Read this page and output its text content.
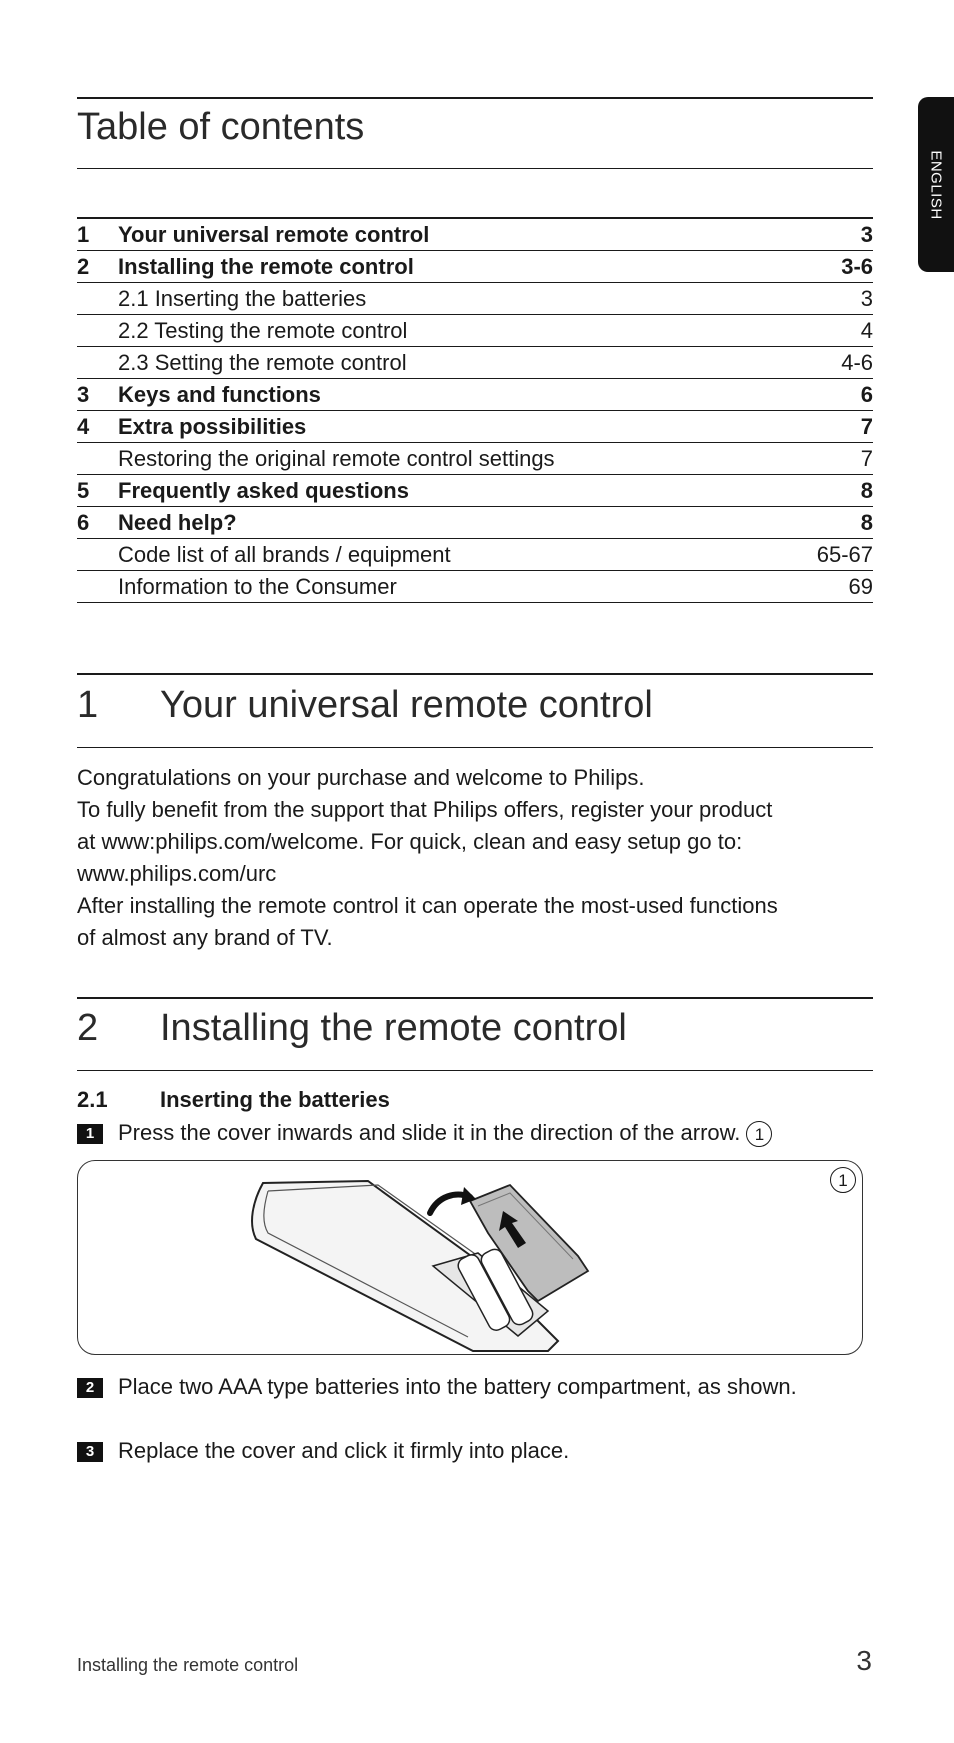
ENGLISH
Table of contents
1 Your universal remote control	3
2 Installing the remote control	3-6
2.1 Inserting the batteries	3
2.2 Testing the remote control	4
2.3 Setting the remote control	4-6
3 Keys and functions	6
4 Extra possibilities	7
Restoring the original remote control settings	7
5 Frequently asked questions	8
6 Need help?	8
Code list of all brands / equipment	65-67
Information to the Consumer	69
1 Your universal remote control

Congratulations on your purchase and welcome to Philips.

To fully benefit from the support that Philips offers, register your product

at www:philips.com/welcome. For quick, clean and easy setup go to:

www.philips.com/urc

After installing the remote control it can operate the most-used functions

of almost any brand of TV.

2 Installing the remote control
2.1 Inserting the batteries
1	Press the cover inwards and slide it in the direction of the arrow. 1
1
2	Place two AAA type batteries into the battery compartment, as shown.
3	Replace the cover and click it firmly into place.
Installing the remote control	3
